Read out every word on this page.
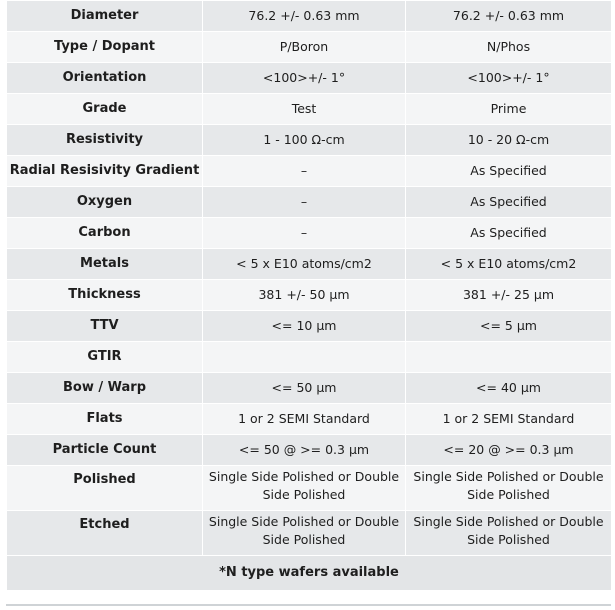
Diameter	76.2 +/- 0.63 mm	76.2 +/- 0.63 mm
Type / Dopant	P/Boron	N/Phos
Orientation	<100>+/- 1°	<100>+/- 1°
Grade	Test	Prime
Resistivity	1 - 100 Ω-cm	10 - 20 Ω-cm
Radial Resisivity Gradient	–	As Specified
Oxygen	–	As Specified
Carbon	–	As Specified
Metals	< 5 x E10 atoms/cm2	< 5 x E10 atoms/cm2
Thickness	381 +/- 50 μm	381 +/- 25 μm
TTV	<= 10 μm	<= 5 μm
GTIR		
Bow / Warp	<= 50 μm	<= 40 μm
Flats	1 or 2 SEMI Standard	1 or 2 SEMI Standard
Particle Count	<= 50 @ >= 0.3 μm	<= 20 @ >= 0.3 μm
Polished	Single Side Polished or Double Side Polished	Single Side Polished or Double Side Polished
Etched	Single Side Polished or Double Side Polished	Single Side Polished or Double Side Polished
*N type wafers available		
